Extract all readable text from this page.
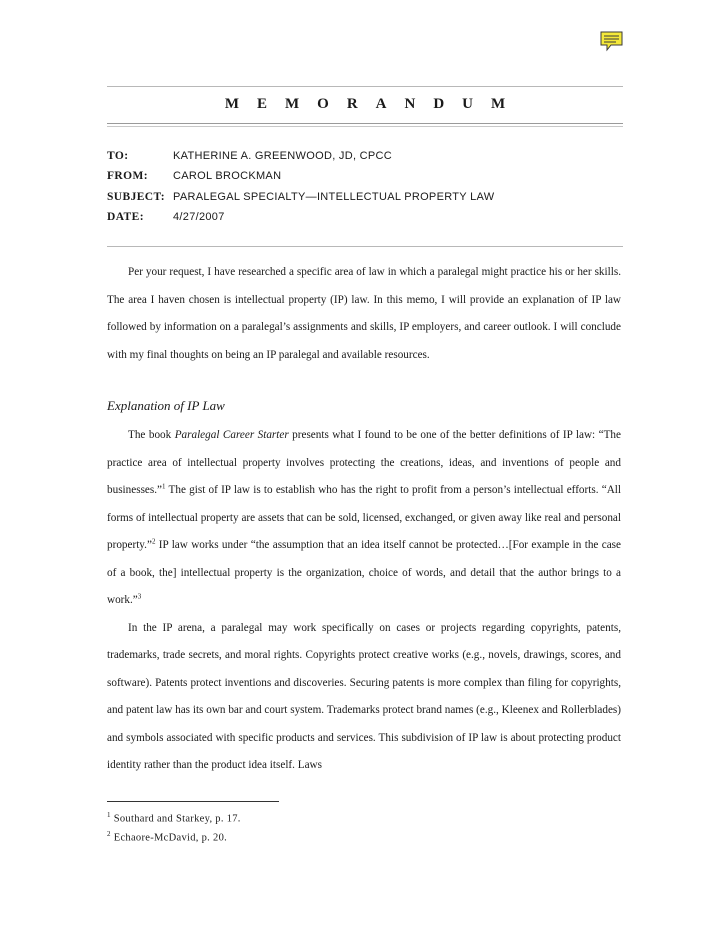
MEMORANDUM
TO:	KATHERINE A. GREENWOOD, JD, CPCC
FROM: CAROL BROCKMAN
SUBJECT: PARALEGAL SPECIALTY—INTELLECTUAL PROPERTY LAW
DATE:	4/27/2007

Per your request, I have researched a specific area of law in which a paralegal might practice his or her skills. The area I haven chosen is intellectual property (IP) law. In this memo, I will provide an explanation of IP law followed by information on a paralegal’s assignments and skills, IP employers, and career outlook. I will conclude with my final thoughts on being an IP paralegal and available resources.

Explanation of IP Law

The book Paralegal Career Starter presents what I found to be one of the better definitions of IP law: “The practice area of intellectual property involves protecting the creations, ideas, and inventions of people and businesses.”$^1$ The gist of IP law is to establish who has the right to profit from a person’s intellectual efforts. “All forms of intellectual property are assets that can be sold, licensed, exchanged, or given away like real and personal property.”$^2$ IP law works under “the assumption that an idea itself cannot be protected…[For example in the case of a book, the] intellectual property is the organization, choice of words, and detail that the author brings to a work.”$^3$

In the IP arena, a paralegal may work specifically on cases or projects regarding copyrights, patents, trademarks, trade secrets, and moral rights. Copyrights protect creative works (e.g., novels, drawings, scores, and software). Patents protect inventions and discoveries. Securing patents is more complex than filing for copyrights, and patent law has its own bar and court system. Trademarks protect brand names (e.g., Kleenex and Rollerblades) and symbols associated with specific products and services. This subdivision of IP law is about protecting product identity rather than the product idea itself. Laws

$^1$ Southard and Starkey, p. 17.
$^2$ Echaore-McDavid, p. 20.
